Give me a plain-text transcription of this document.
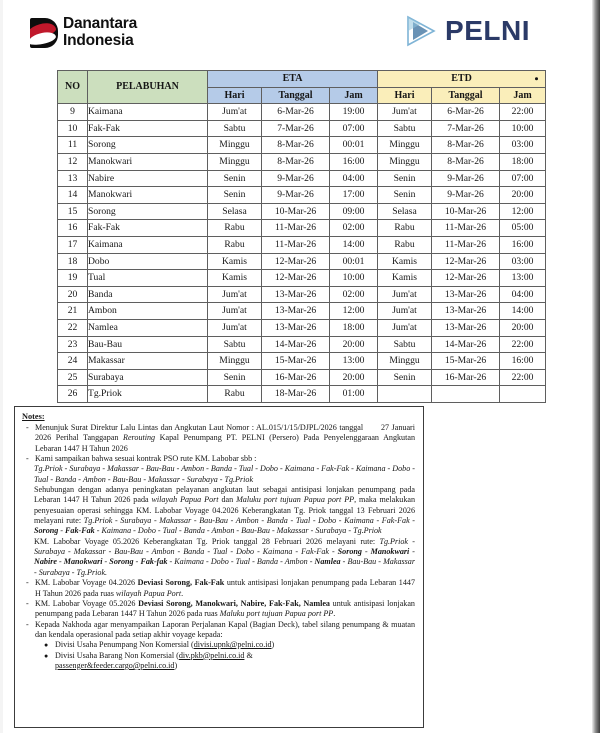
Danantara
Indonesia	PELNI
NO	PELABUHAN	ETA			ETD		

		Hari	Tanggal	Jam	Hari	Tanggal	Jam
9	Kaimana	Jum'at	6-Mar-26	19:00	Jum'at	6-Mar-26	22:00
10	Fak-Fak	Sabtu	7-Mar-26	07:00	Sabtu	7-Mar-26	10:00
11	Sorong	Minggu	8-Mar-26	00:01	Minggu	8-Mar-26	03:00
12	Manokwari	Minggu	8-Mar-26	16:00	Minggu	8-Mar-26	18:00
13	Nabire	Senin	9-Mar-26	04:00	Senin	9-Mar-26	07:00
14	Manokwari	Senin	9-Mar-26	17:00	Senin	9-Mar-26	20:00
15	Sorong	Selasa	10-Mar-26	09:00	Selasa	10-Mar-26	12:00
16	Fak-Fak	Rabu	11-Mar-26	02:00	Rabu	11-Mar-26	05:00
17	Kaimana	Rabu	11-Mar-26	14:00	Rabu	11-Mar-26	16:00
18	Dobo	Kamis	12-Mar-26	00:01	Kamis	12-Mar-26	03:00
19	Tual	Kamis	12-Mar-26	10:00	Kamis	12-Mar-26	13:00
20	Banda	Jum'at	13-Mar-26	02:00	Jum'at	13-Mar-26	04:00
21	Ambon	Jum'at	13-Mar-26	12:00	Jum'at	13-Mar-26	14:00
22	Namlea	Jum'at	13-Mar-26	18:00	Jum'at	13-Mar-26	20:00
23	Bau-Bau	Sabtu	14-Mar-26	20:00	Sabtu	14-Mar-26	22:00
24	Makassar	Minggu	15-Mar-26	13:00	Minggu	15-Mar-26	16:00
25	Surabaya	Senin	16-Mar-26	20:00	Senin	16-Mar-26	22:00
26	Tg.Priok	Rabu	18-Mar-26	01:00			
Notes:
- Menunjuk Surat Direktur Lalu Lintas dan Angkutan Laut Nomor : AL.015/1/15/DJPL/2026 tanggal       27 Januari 2026 Perihal Tanggapan Rerouting Kapal Penumpang PT. PELNI (Persero) Pada Penyelenggaraan Angkutan Lebaran 1447 H Tahun 2026
- Kami sampaikan bahwa sesuai kontrak PSO rute KM. Labobar sbb :
Tg.Priok - Surabaya - Makassar - Bau-Bau - Ambon - Banda - Tual - Dobo - Kaimana - Fak-Fak - Kaimana - Dobo - Tual - Banda - Ambon - Bau-Bau - Makassar - Surabaya - Tg.Priok
Sehubungan dengan adanya peningkatan pelayanan angkutan laut sebagai antisipasi lonjakan penumpang pada Lebaran 1447 H Tahun 2026 pada wilayah Papua Port dan Maluku port tujuan Papua port PP, maka melakukan penyesuaian operasi sehingga KM. Labobar Voyage 04.2026 Keberangkatan Tg. Priok tanggal 13 Februari 2026 melayani rute: Tg.Priok - Surabaya - Makassar - Bau-Bau - Ambon - Banda - Tual - Dobo - Kaimana - Fak-Fak - Sorong - Fak-Fak - Kaimana - Dobo - Tual - Banda - Ambon - Bau-Bau - Makassar - Surabaya - Tg.Priok
KM. Labobar Voyage 05.2026 Keberangkatan Tg. Priok tanggal 28 Februari 2026 melayani rute: Tg.Priok - Surabaya - Makassar - Bau-Bau - Ambon - Banda - Tual - Dobo - Kaimana - Fak-Fak - Sorong - Manokwari - Nabire - Manokwari - Sorong - Fak-fak - Kaimana - Dobo - Tual - Banda - Ambon - Namlea - Bau-Bau - Makassar - Surabaya - Tg.Priok.
- KM. Labobar Voyage 04.2026 Deviasi Sorong, Fak-Fak untuk antisipasi lonjakan penumpang pada Lebaran 1447 H Tahun 2026 pada ruas wilayah Papua Port.
- KM. Labobar Voyage 05.2026 Deviasi Sorong, Manokwari, Nabire, Fak-Fak, Namlea untuk antisipasi lonjakan penumpang pada Lebaran 1447 H Tahun 2026 pada ruas Maluku port tujuan Papua port PP.
- Kepada Nakhoda agar menyampaikan Laporan Perjalanan Kapal (Bagian Deck), tabel silang penumpang & muatan dan kendala operasional pada setiap akhir voyage kepada:
● Divisi Usaha Penumpang Non Komersial (divisi.upnk@pelni.co.id)
● Divisi Usaha Barang Non Komersial (div.pkb@pelni.co.id &
passenger&feeder.cargo@pelni.co.id)
